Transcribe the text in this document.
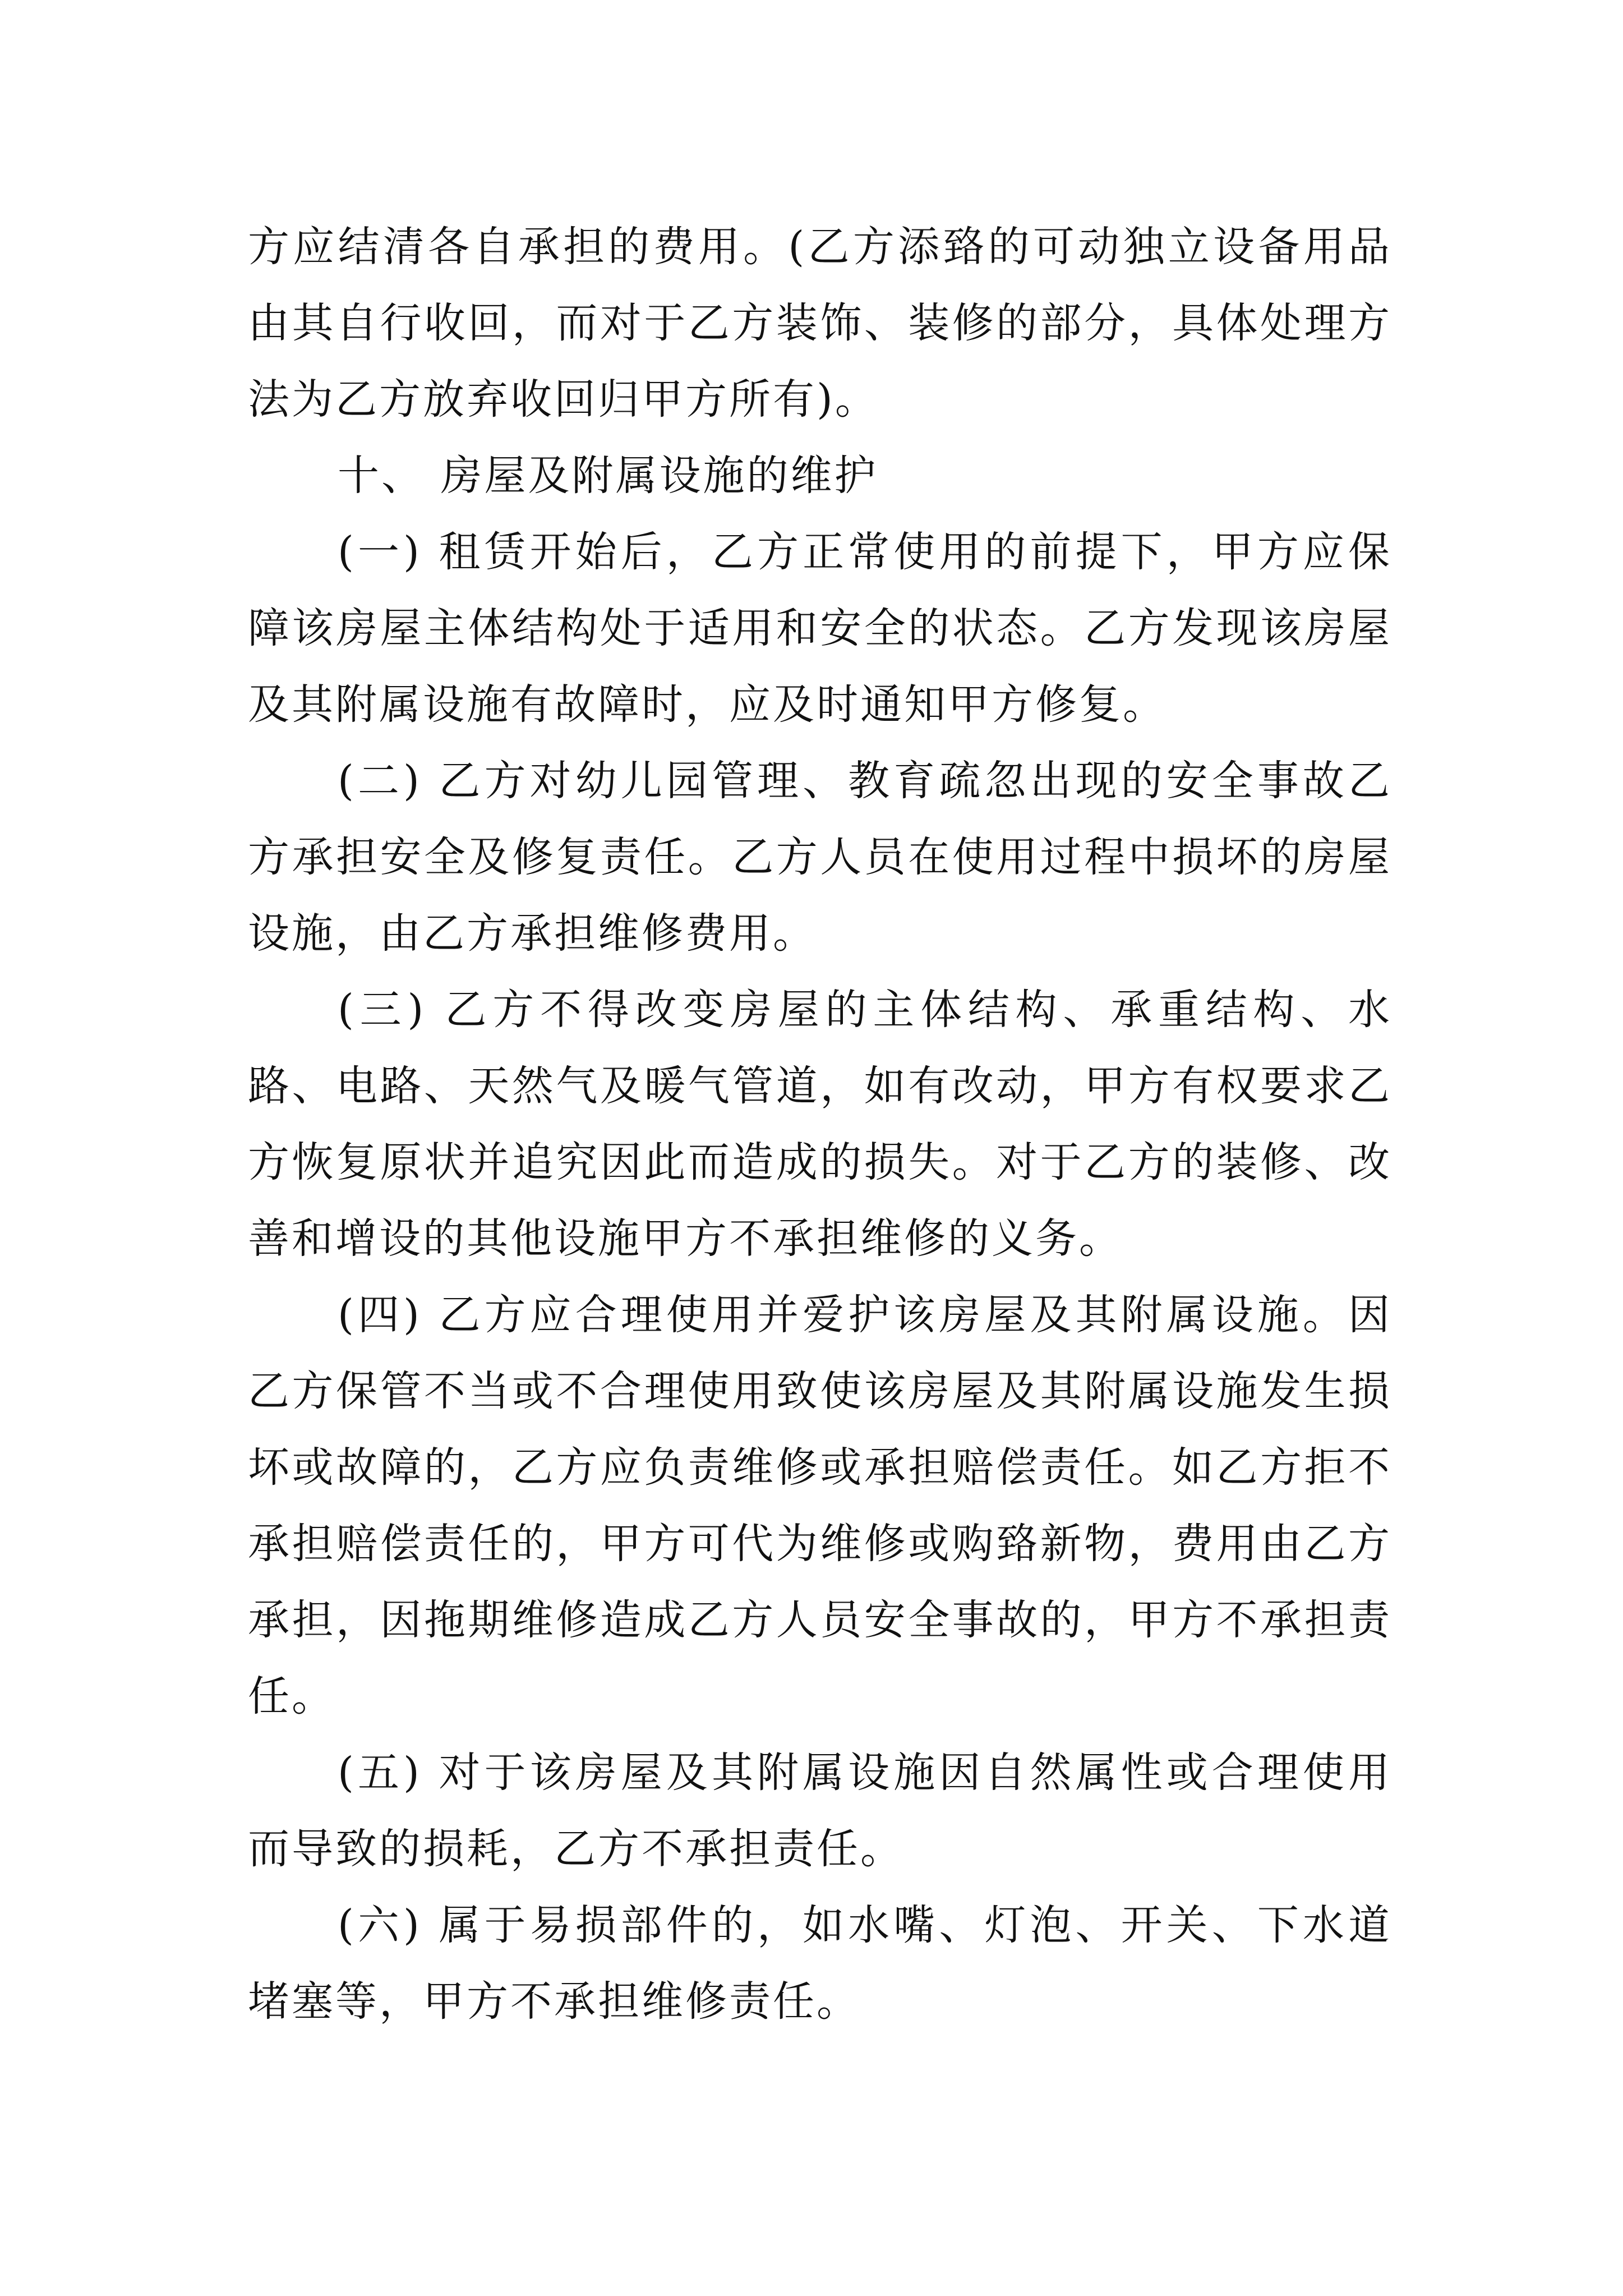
方应结清各自承担的费用。(乙方添臵的可动独立设备用品由其自行收回，而对于乙方装饰、装修的部分，具体处理方法为乙方放弃收回归甲方所有)。

十、 房屋及附属设施的维护

(一) 租赁开始后，乙方正常使用的前提下，甲方应保障该房屋主体结构处于适用和安全的状态。乙方发现该房屋及其附属设施有故障时，应及时通知甲方修复。

(二) 乙方对幼儿园管理、教育疏忽出现的安全事故乙方承担安全及修复责任。乙方人员在使用过程中损坏的房屋设施，由乙方承担维修费用。

(三) 乙方不得改变房屋的主体结构、承重结构、水路、电路、天然气及暖气管道，如有改动，甲方有权要求乙方恢复原状并追究因此而造成的损失。对于乙方的装修、改善和增设的其他设施甲方不承担维修的义务。

(四) 乙方应合理使用并爱护该房屋及其附属设施。因乙方保管不当或不合理使用致使该房屋及其附属设施发生损坏或故障的，乙方应负责维修或承担赔偿责任。如乙方拒不承担赔偿责任的，甲方可代为维修或购臵新物，费用由乙方承担，因拖期维修造成乙方人员安全事故的，甲方不承担责任。

(五) 对于该房屋及其附属设施因自然属性或合理使用而导致的损耗，乙方不承担责任。

(六) 属于易损部件的，如水嘴、灯泡、开关、下水道堵塞等，甲方不承担维修责任。
